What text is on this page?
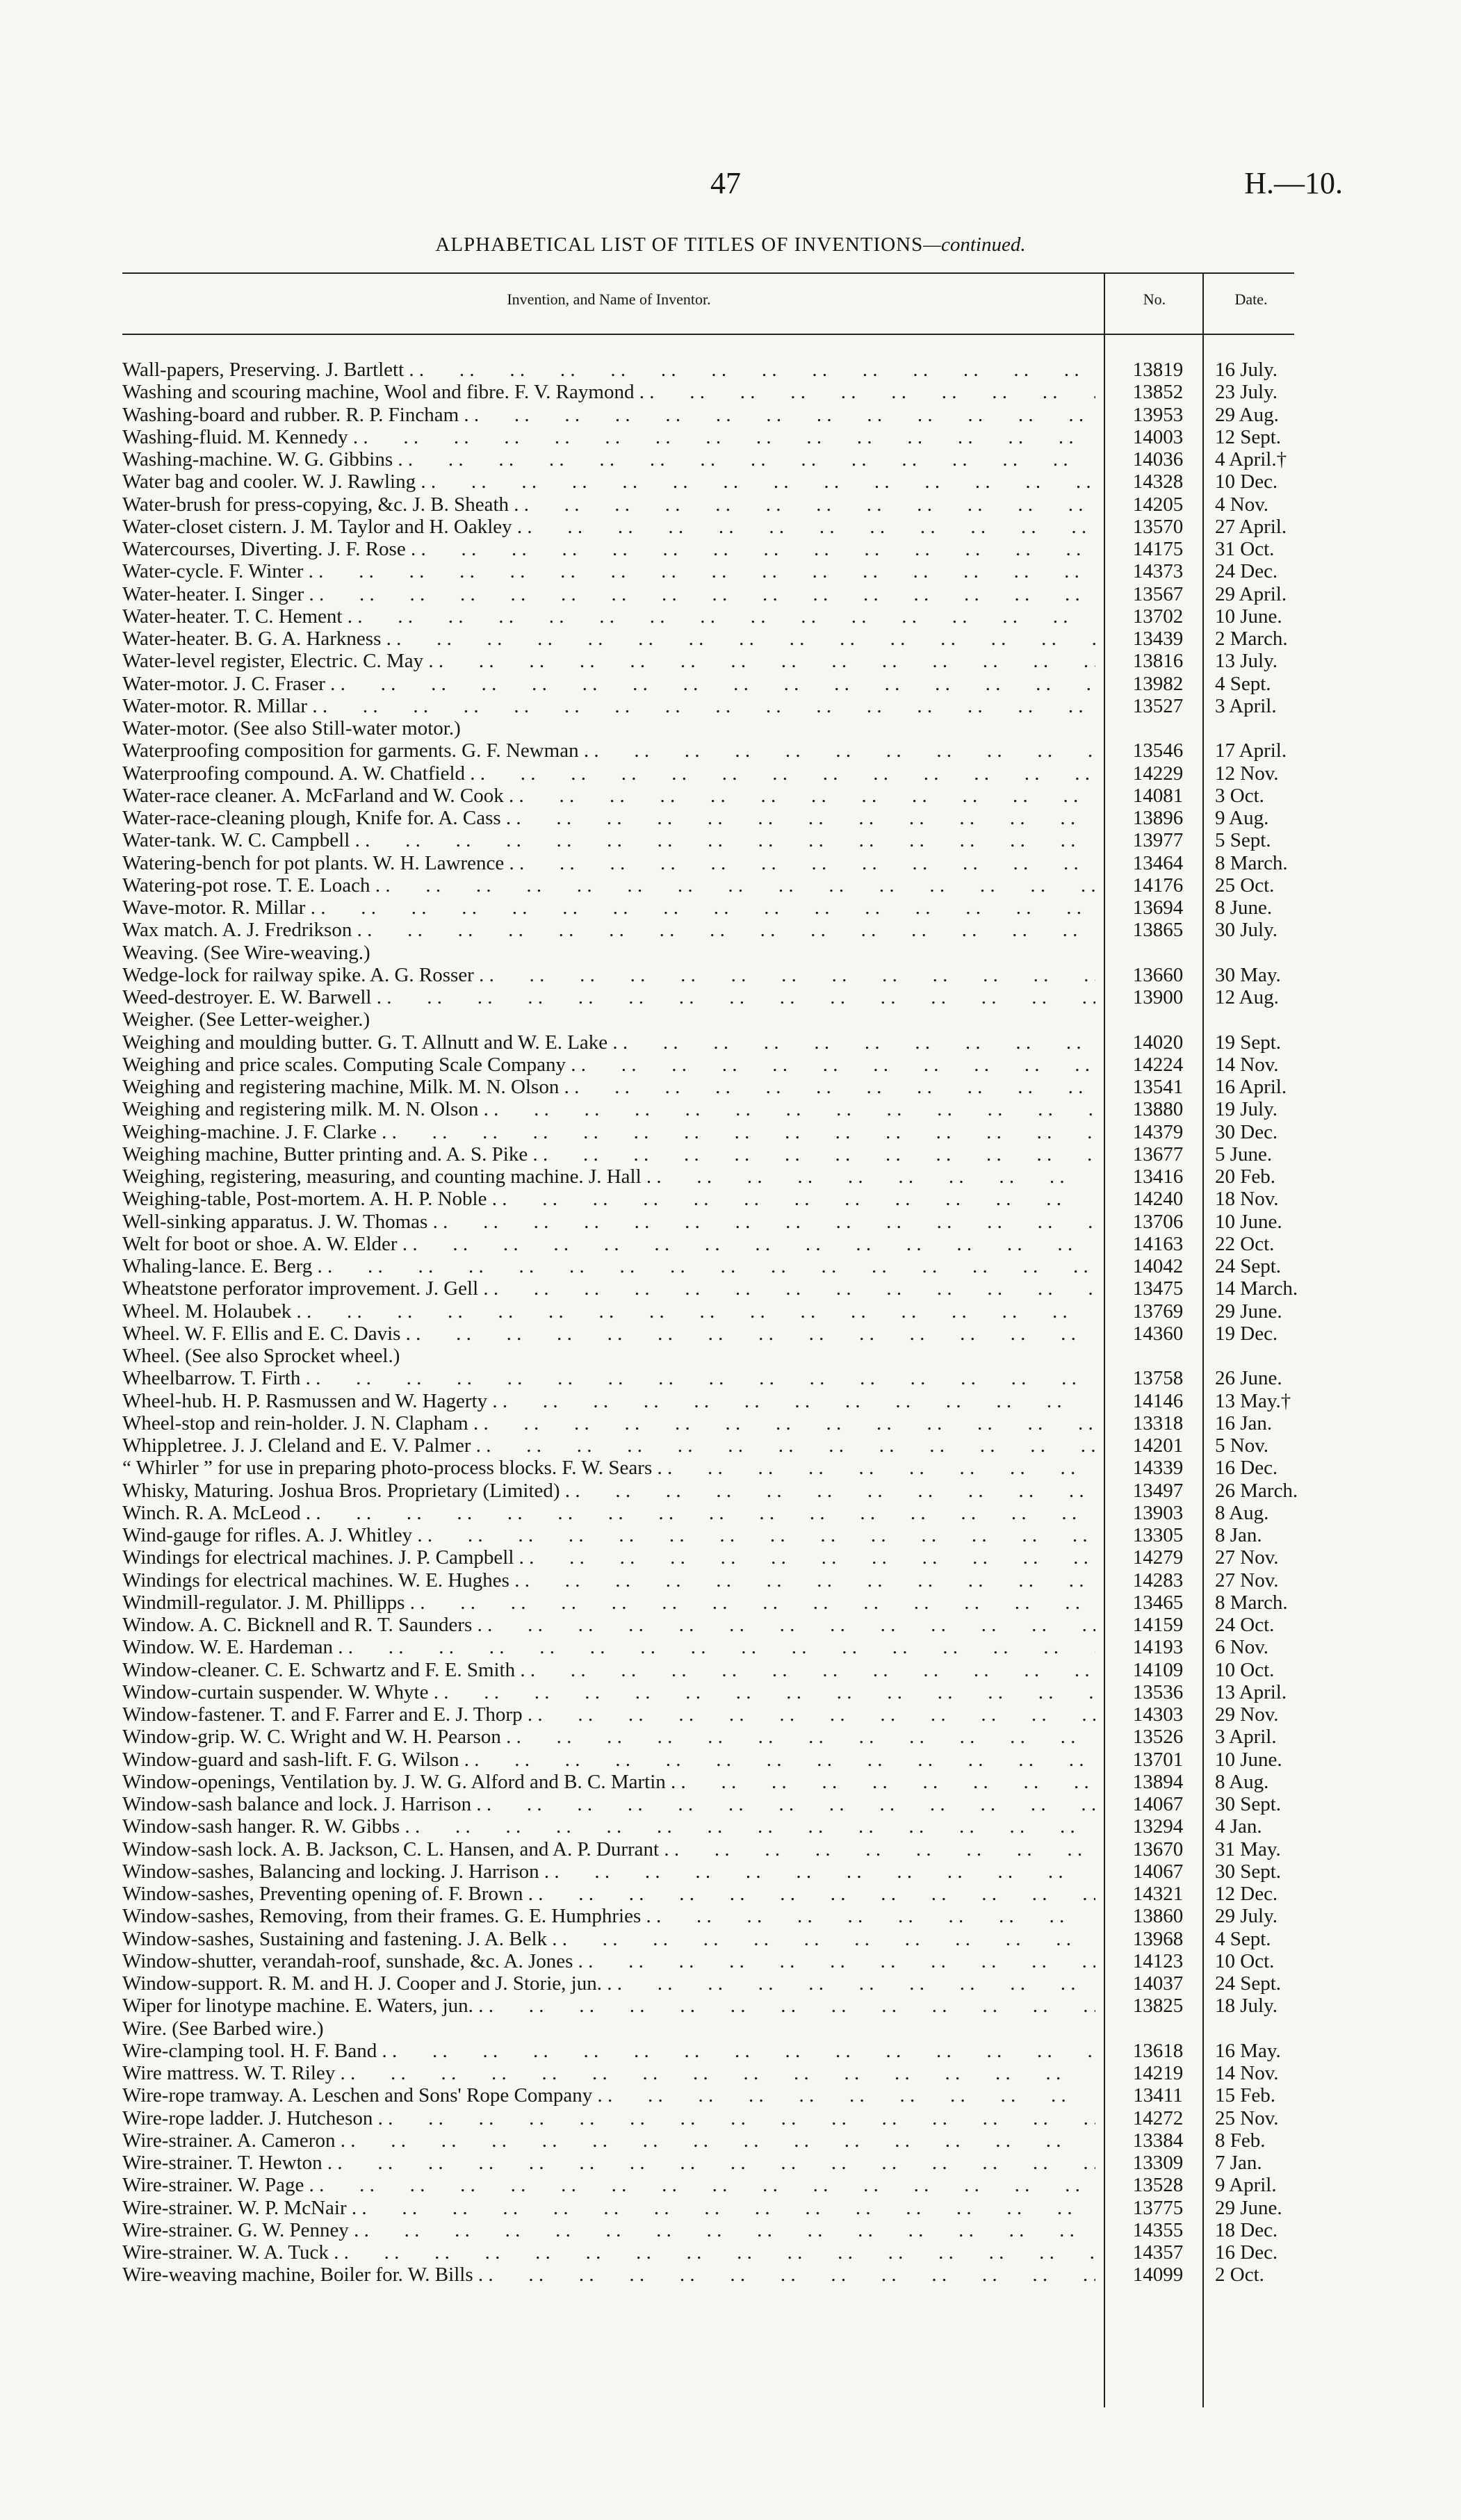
47	H.—10.
ALPHABETICAL LIST OF TITLES OF INVENTIONS—continued.
Invention, and Name of Inventor.	No.	Date.
Wall-papers, Preserving. J. Bartlett . .	13819	16 July.
Washing and scouring machine, Wool and fibre. F. V. Raymond . .	13852	23 July.
Washing-board and rubber. R. P. Fincham . .	13953	29 Aug.
Washing-fluid. M. Kennedy . .	14003	12 Sept.
Washing-machine. W. G. Gibbins . .	14036	4 April.†
Water bag and cooler. W. J. Rawling . .	14328	10 Dec.
Water-brush for press-copying, &c. J. B. Sheath . .	14205	4 Nov.
Water-closet cistern. J. M. Taylor and H. Oakley . .	13570	27 April.
Watercourses, Diverting. J. F. Rose . .	14175	31 Oct.
Water-cycle. F. Winter . .	14373	24 Dec.
Water-heater. I. Singer . .	13567	29 April.
Water-heater. T. C. Hement . .	13702	10 June.
Water-heater. B. G. A. Harkness . .	13439	2 March.
Water-level register, Electric. C. May . .	13816	13 July.
Water-motor. J. C. Fraser . .	13982	4 Sept.
Water-motor. R. Millar . .	13527	3 April.
Water-motor. (See also Still-water motor.)
Waterproofing composition for garments. G. F. Newman . .	13546	17 April.
Waterproofing compound. A. W. Chatfield . .	14229	12 Nov.
Water-race cleaner. A. McFarland and W. Cook . .	14081	3 Oct.
Water-race-cleaning plough, Knife for. A. Cass . .	13896	9 Aug.
Water-tank. W. C. Campbell . .	13977	5 Sept.
Watering-bench for pot plants. W. H. Lawrence . .	13464	8 March.
Watering-pot rose. T. E. Loach . .	14176	25 Oct.
Wave-motor. R. Millar . .	13694	8 June.
Wax match. A. J. Fredrikson . .	13865	30 July.
Weaving. (See Wire-weaving.)
Wedge-lock for railway spike. A. G. Rosser . .	13660	30 May.
Weed-destroyer. E. W. Barwell . .	13900	12 Aug.
Weigher. (See Letter-weigher.)
Weighing and moulding butter. G. T. Allnutt and W. E. Lake . .	14020	19 Sept.
Weighing and price scales. Computing Scale Company . .	14224	14 Nov.
Weighing and registering machine, Milk. M. N. Olson . .	13541	16 April.
Weighing and registering milk. M. N. Olson . .	13880	19 July.
Weighing-machine. J. F. Clarke . .	14379	30 Dec.
Weighing machine, Butter printing and. A. S. Pike . .	13677	5 June.
Weighing, registering, measuring, and counting machine. J. Hall . .	13416	20 Feb.
Weighing-table, Post-mortem. A. H. P. Noble . .	14240	18 Nov.
Well-sinking apparatus. J. W. Thomas . .	13706	10 June.
Welt for boot or shoe. A. W. Elder . .	14163	22 Oct.
Whaling-lance. E. Berg . .	14042	24 Sept.
Wheatstone perforator improvement. J. Gell . .	13475	14 March.
Wheel. M. Holaubek . .	13769	29 June.
Wheel. W. F. Ellis and E. C. Davis . .	14360	19 Dec.
Wheel. (See also Sprocket wheel.)
Wheelbarrow. T. Firth . .	13758	26 June.
Wheel-hub. H. P. Rasmussen and W. Hagerty . .	14146	13 May.†
Wheel-stop and rein-holder. J. N. Clapham . .	13318	16 Jan.
Whippletree. J. J. Cleland and E. V. Palmer . .	14201	5 Nov.
“ Whirler ” for use in preparing photo-process blocks. F. W. Sears . .	14339	16 Dec.
Whisky, Maturing. Joshua Bros. Proprietary (Limited) . .	13497	26 March.
Winch. R. A. McLeod . .	13903	8 Aug.
Wind-gauge for rifles. A. J. Whitley . .	13305	8 Jan.
Windings for electrical machines. J. P. Campbell . .	14279	27 Nov.
Windings for electrical machines. W. E. Hughes . .	14283	27 Nov.
Windmill-regulator. J. M. Phillipps . .	13465	8 March.
Window. A. C. Bicknell and R. T. Saunders . .	14159	24 Oct.
Window. W. E. Hardeman . .	14193	6 Nov.
Window-cleaner. C. E. Schwartz and F. E. Smith . .	14109	10 Oct.
Window-curtain suspender. W. Whyte . .	13536	13 April.
Window-fastener. T. and F. Farrer and E. J. Thorp . .	14303	29 Nov.
Window-grip. W. C. Wright and W. H. Pearson . .	13526	3 April.
Window-guard and sash-lift. F. G. Wilson . .	13701	10 June.
Window-openings, Ventilation by. J. W. G. Alford and B. C. Martin . .	13894	8 Aug.
Window-sash balance and lock. J. Harrison . .	14067	30 Sept.
Window-sash hanger. R. W. Gibbs . .	13294	4 Jan.
Window-sash lock. A. B. Jackson, C. L. Hansen, and A. P. Durrant . .	13670	31 May.
Window-sashes, Balancing and locking. J. Harrison . .	14067	30 Sept.
Window-sashes, Preventing opening of. F. Brown . .	14321	12 Dec.
Window-sashes, Removing, from their frames. G. E. Humphries . .	13860	29 July.
Window-sashes, Sustaining and fastening. J. A. Belk . .	13968	4 Sept.
Window-shutter, verandah-roof, sunshade, &c. A. Jones . .	14123	10 Oct.
Window-support. R. M. and H. J. Cooper and J. Storie, jun. . .	14037	24 Sept.
Wiper for linotype machine. E. Waters, jun. . .	13825	18 July.
Wire. (See Barbed wire.)
Wire-clamping tool. H. F. Band . .	13618	16 May.
Wire mattress. W. T. Riley . .	14219	14 Nov.
Wire-rope tramway. A. Leschen and Sons' Rope Company . .	13411	15 Feb.
Wire-rope ladder. J. Hutcheson . .	14272	25 Nov.
Wire-strainer. A. Cameron . .	13384	8 Feb.
Wire-strainer. T. Hewton . .	13309	7 Jan.
Wire-strainer. W. Page . .	13528	9 April.
Wire-strainer. W. P. McNair . .	13775	29 June.
Wire-strainer. G. W. Penney . .	14355	18 Dec.
Wire-strainer. W. A. Tuck . .	14357	16 Dec.
Wire-weaving machine, Boiler for. W. Bills . .	14099	2 Oct.
